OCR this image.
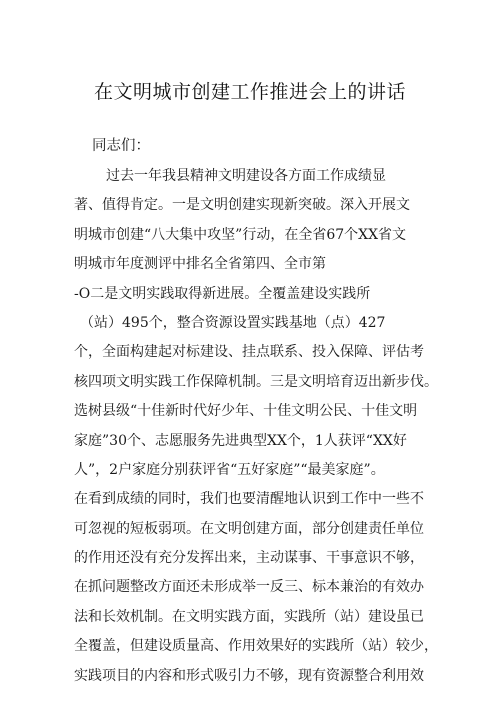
在文明城市创建工作推进会上的讲话
同志们：
过去一年我县精神文明建设各方面工作成绩显
著、值得肯定。一是文明创建实现新突破。深入开展文
明城市创建“八大集中攻坚”行动，在全省67个XX省文
明城市年度测评中排名全省第四、全市第
-O二是文明实践取得新进展。全覆盖建设实践所
（站）495个，整合资源设置实践基地（点）427
个，全面构建起对标建设、挂点联系、投入保障、评估考
核四项文明实践工作保障机制。三是文明培育迈出新步伐。
选树县级“十佳新时代好少年、十佳文明公民、十佳文明
家庭”30个、志愿服务先进典型XX个，1人获评“XX好
人”，2户家庭分别获评省“五好家庭”“最美家庭”。
在看到成绩的同时，我们也要清醒地认识到工作中一些不
可忽视的短板弱项。在文明创建方面，部分创建责任单位
的作用还没有充分发挥出来，主动谋事、干事意识不够，
在抓问题整改方面还未形成举一反三、标本兼治的有效办
法和长效机制。在文明实践方面，实践所（站）建设虽已
全覆盖，但建设质量高、作用效果好的实践所（站）较少，
实践项目的内容和形式吸引力不够，现有资源整合利用效
